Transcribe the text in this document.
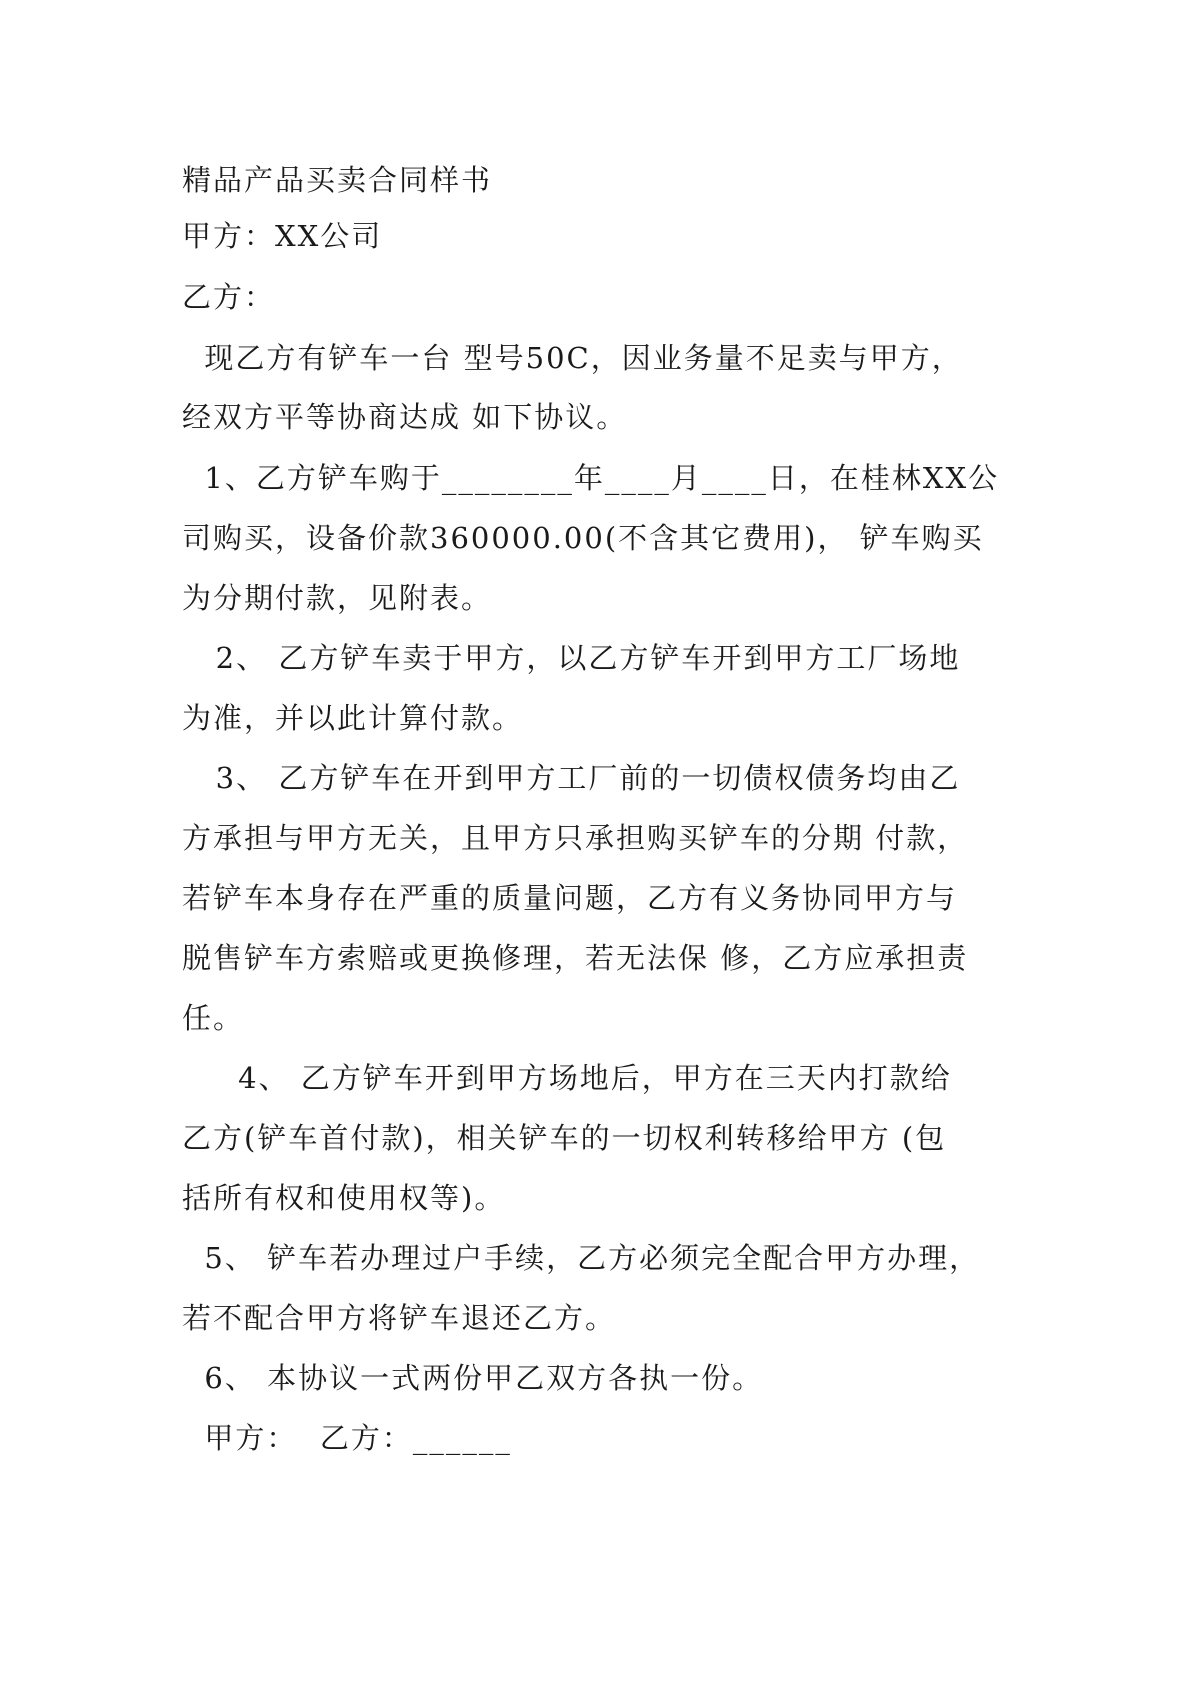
精品产品买卖合同样书
甲方：XX公司
乙方：
现乙方有铲车一台 型号50C，因业务量不足卖与甲方，
经双方平等协商达成 如下协议。
1、乙方铲车购于________年____月____日，在桂林XX公
司购买，设备价款360000.00(不含其它费用)， 铲车购买
为分期付款，见附表。
2、 乙方铲车卖于甲方，以乙方铲车开到甲方工厂场地
为准，并以此计算付款。
3、 乙方铲车在开到甲方工厂前的一切债权债务均由乙
方承担与甲方无关，且甲方只承担购买铲车的分期 付款，
若铲车本身存在严重的质量问题，乙方有义务协同甲方与
脱售铲车方索赔或更换修理，若无法保 修，乙方应承担责
任。
4、 乙方铲车开到甲方场地后，甲方在三天内打款给
乙方(铲车首付款)，相关铲车的一切权利转移给甲方 (包
括所有权和使用权等)。
5、 铲车若办理过户手续，乙方必须完全配合甲方办理，
若不配合甲方将铲车退还乙方。
6、 本协议一式两份甲乙双方各执一份。
甲方：  乙方：______
